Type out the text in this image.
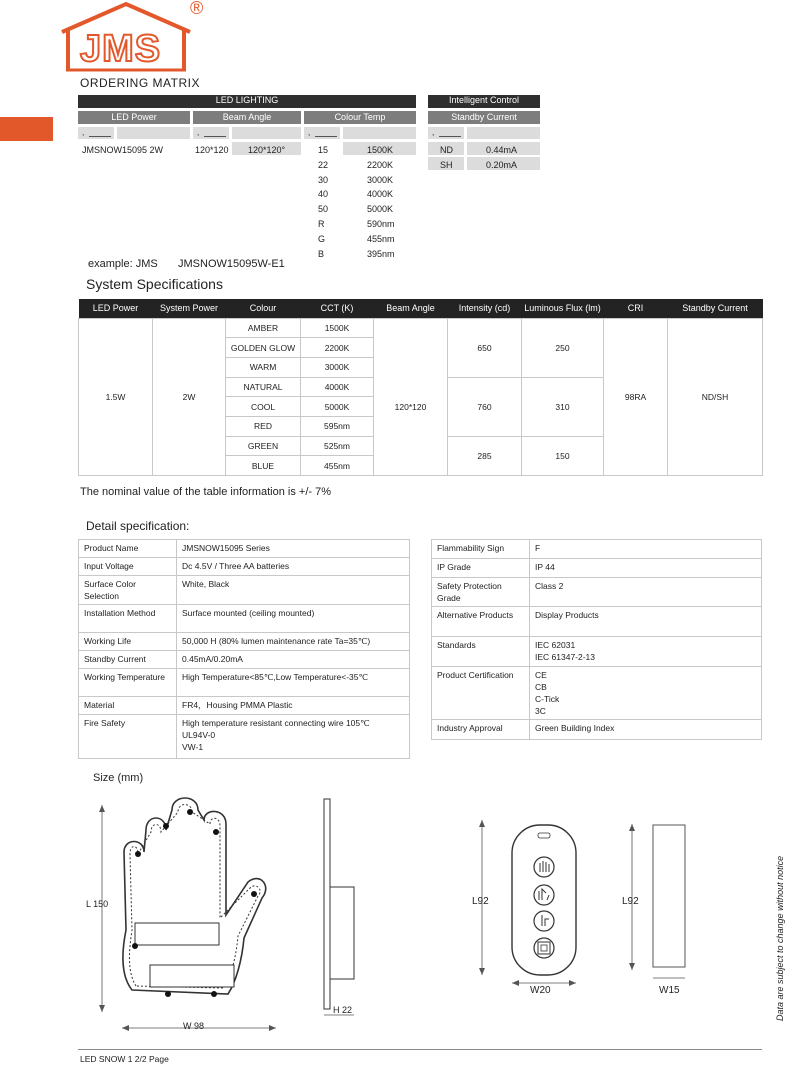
JMS
®
ORDERING MATRIX
LED LIGHTING	Intelligent Control
LED Power	Beam Angle	Colour Temp	Standby Current
,	,	,	,
JMSNOW15095 2W	120*120 120*120°	15	1500K
22	2200K
30	3000K
40	4000K
50	5000K
R	590nm
G	455nm
B	395nm
ND	0.44mA
SH	0.20mA
example: JMS JMSNOW15095W-E1
System Specifications
LED Power	System Power	Colour	CCT (K)	Beam Angle	Intensity (cd)	Luminous Flux (lm)	CRI	Standby Current
1.5W	2W	AMBER	1500K	120*120	650	250	98RA	ND/SH
		GOLDEN GLOW	2200K					
		WARM	3000K					
		NATURAL	4000K		760	310		
		COOL	5000K					
		RED	595nm					
		GREEN	525nm		285	150		
		BLUE	455nm					
The nominal value of the table information is +/- 7%
Detail specification:
Product Name	JMSNOW15095 Series

Input Voltage	Dc 4.5V / Three AA batteries

Surface Color Selection	White, Black

Installation Method	Surface mounted (ceiling mounted)

Working Life	50,000 H (80% lumen maintenance rate Ta=35℃)

Standby Current	0.45mA/0.20mA

Working Temperature	High Temperature<85℃,Low Temperature<-35℃

Material	FR4，Housing PMMA Plastic

Fire Safety	High temperature resistant connecting wire 105℃
UL94V-0
VW-1
Flammability Sign	F

IP Grade	IP 44

Safety Protection Grade	Class 2

Alternative Products	Display Products

Standards	IEC 62031
IEC 61347-2-13

Product Certification	CE
CB
C-Tick
3C

Industry Approval	Green Building Index
Size (mm)
L 150
W 98
H 22
L92
W20
L92
W15	Data are subject to change without notice
LED SNOW 1 2/2 Page
